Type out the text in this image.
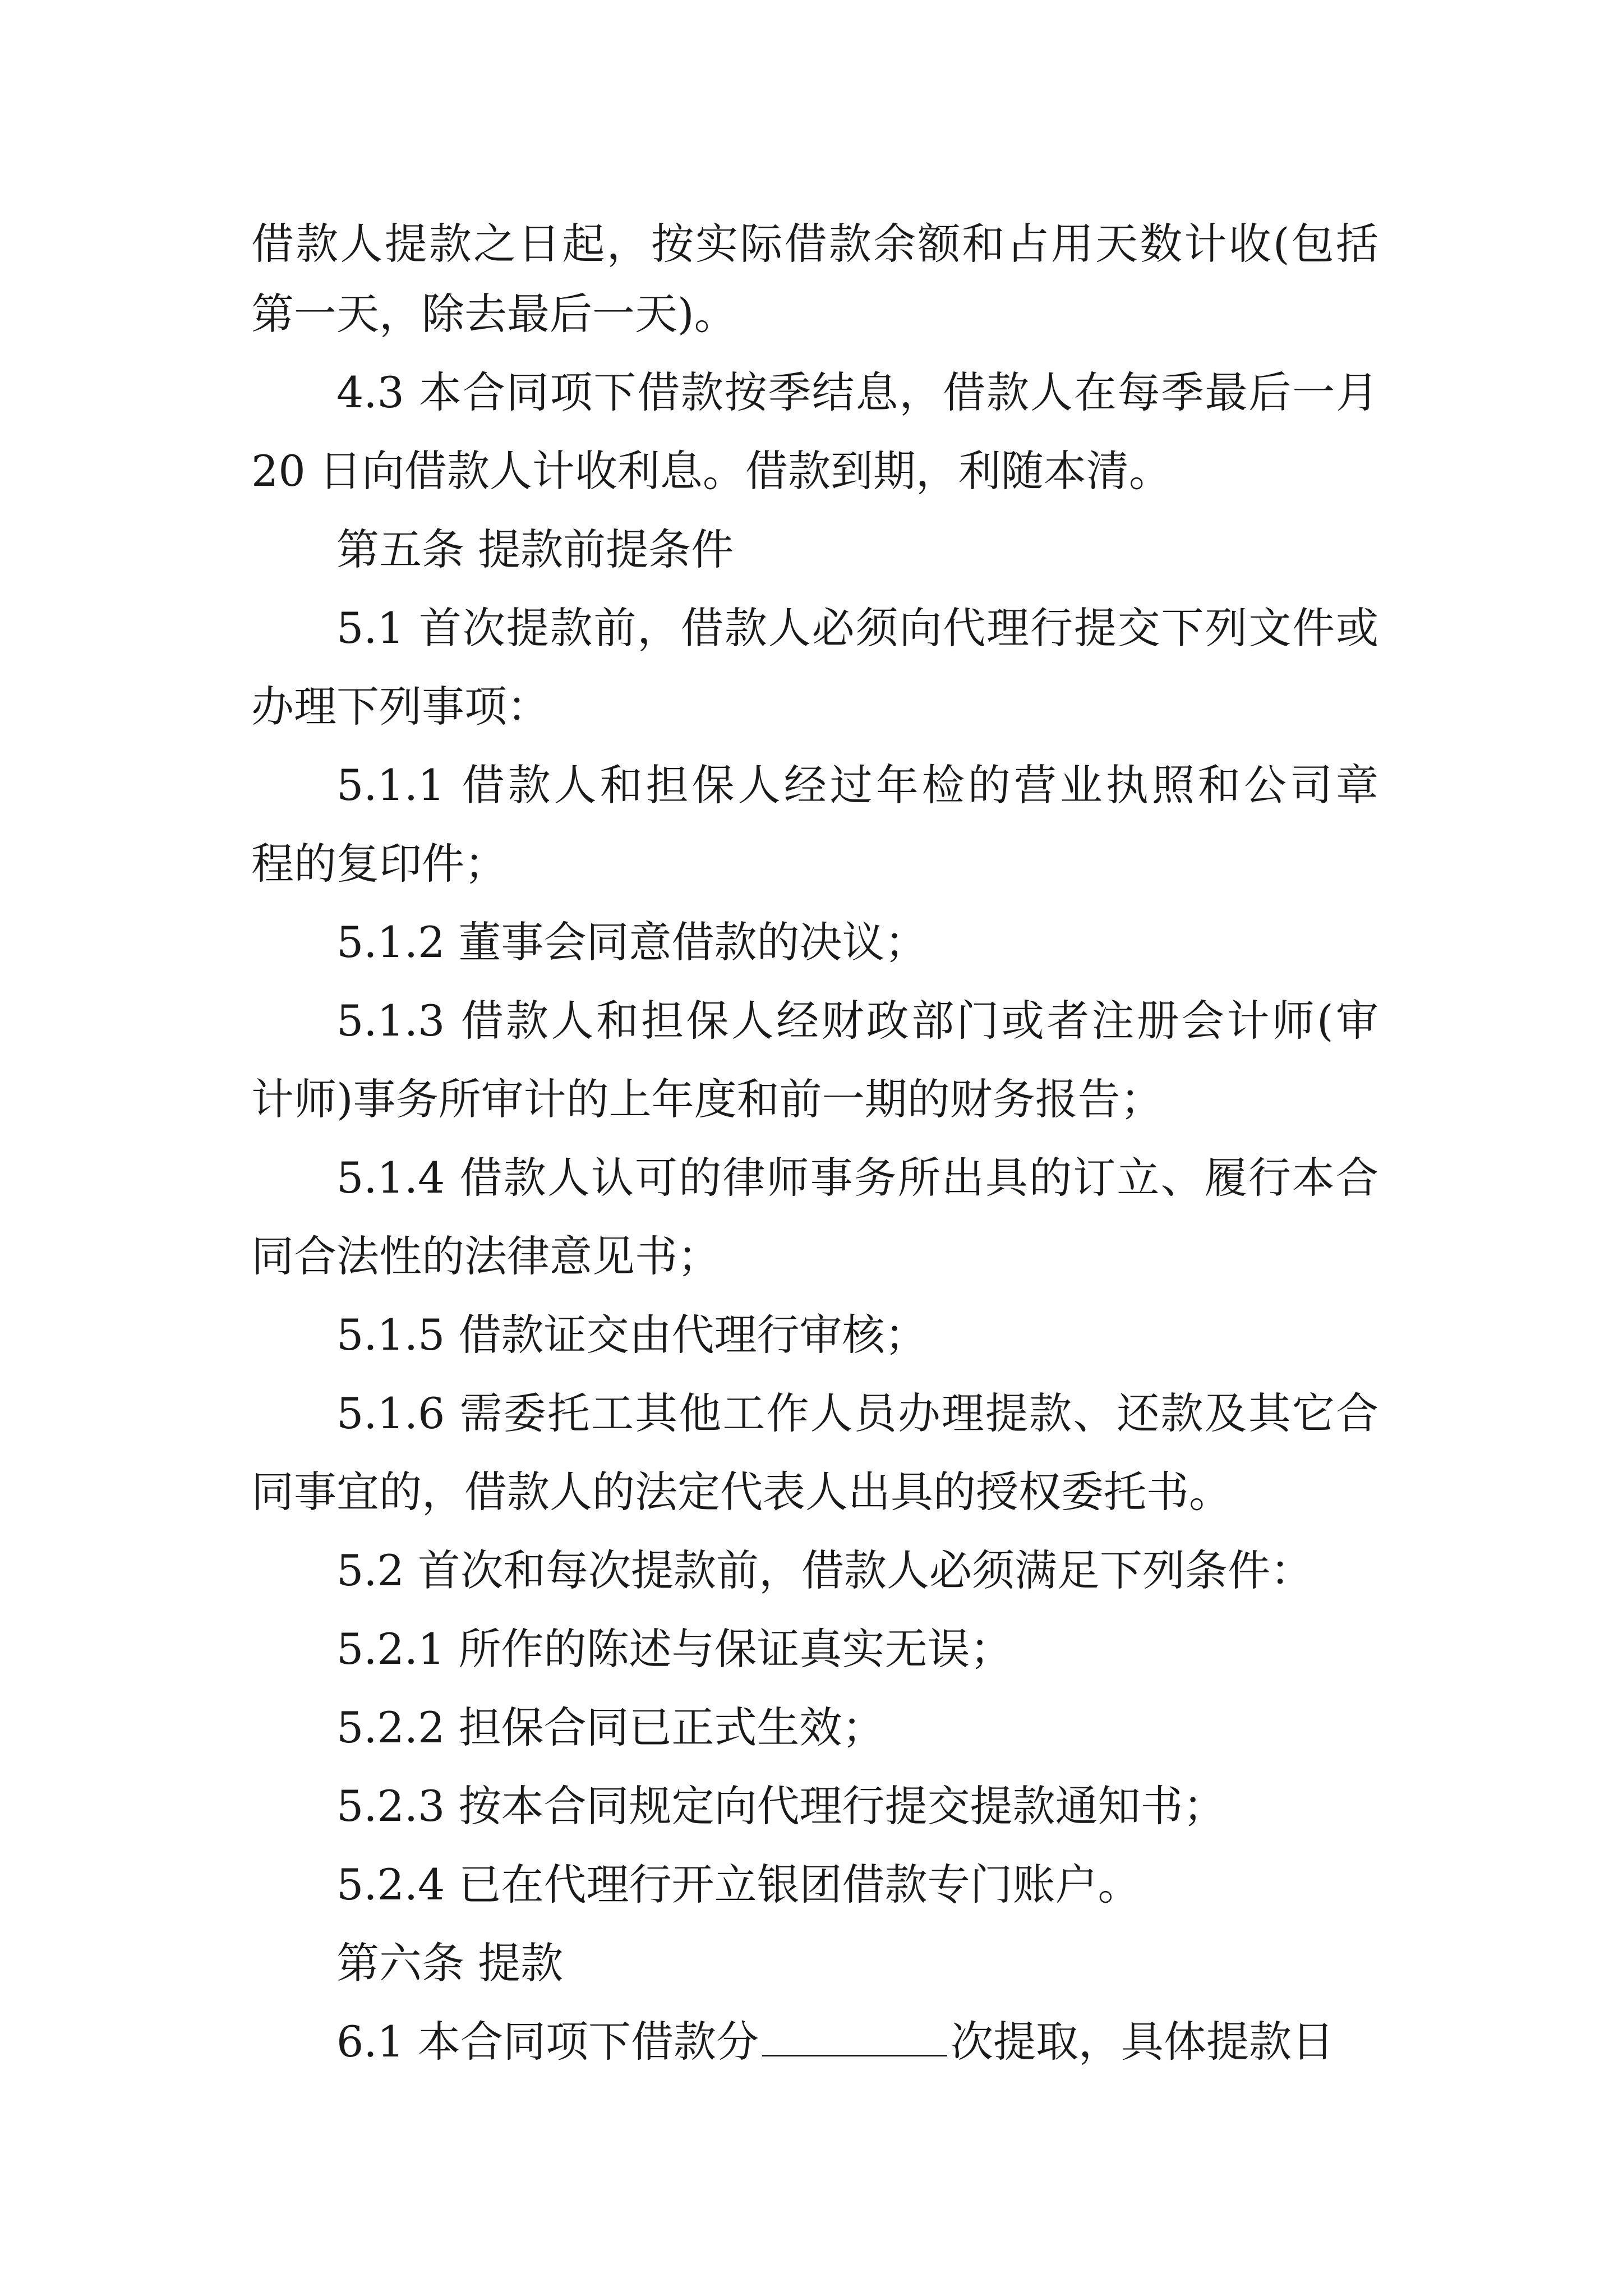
借款人提款之日起，按实际借款余额和占用天数计收(包括
第一天，除去最后一天)。
4.3 本合同项下借款按季结息，借款人在每季最后一月
20 日向借款人计收利息。借款到期，利随本清。
第五条 提款前提条件
5.1 首次提款前，借款人必须向代理行提交下列文件或
办理下列事项：
5.1.1 借款人和担保人经过年检的营业执照和公司章
程的复印件；
5.1.2 董事会同意借款的决议；
5.1.3 借款人和担保人经财政部门或者注册会计师(审
计师)事务所审计的上年度和前一期的财务报告；
5.1.4 借款人认可的律师事务所出具的订立、履行本合
同合法性的法律意见书；
5.1.5 借款证交由代理行审核；
5.1.6 需委托工其他工作人员办理提款、还款及其它合
同事宜的，借款人的法定代表人出具的授权委托书。
5.2 首次和每次提款前，借款人必须满足下列条件：
5.2.1 所作的陈述与保证真实无误；
5.2.2 担保合同已正式生效；
5.2.3 按本合同规定向代理行提交提款通知书；
5.2.4 已在代理行开立银团借款专门账户。
第六条 提款
6.1 本合同项下借款分	次提取，具体提款日
